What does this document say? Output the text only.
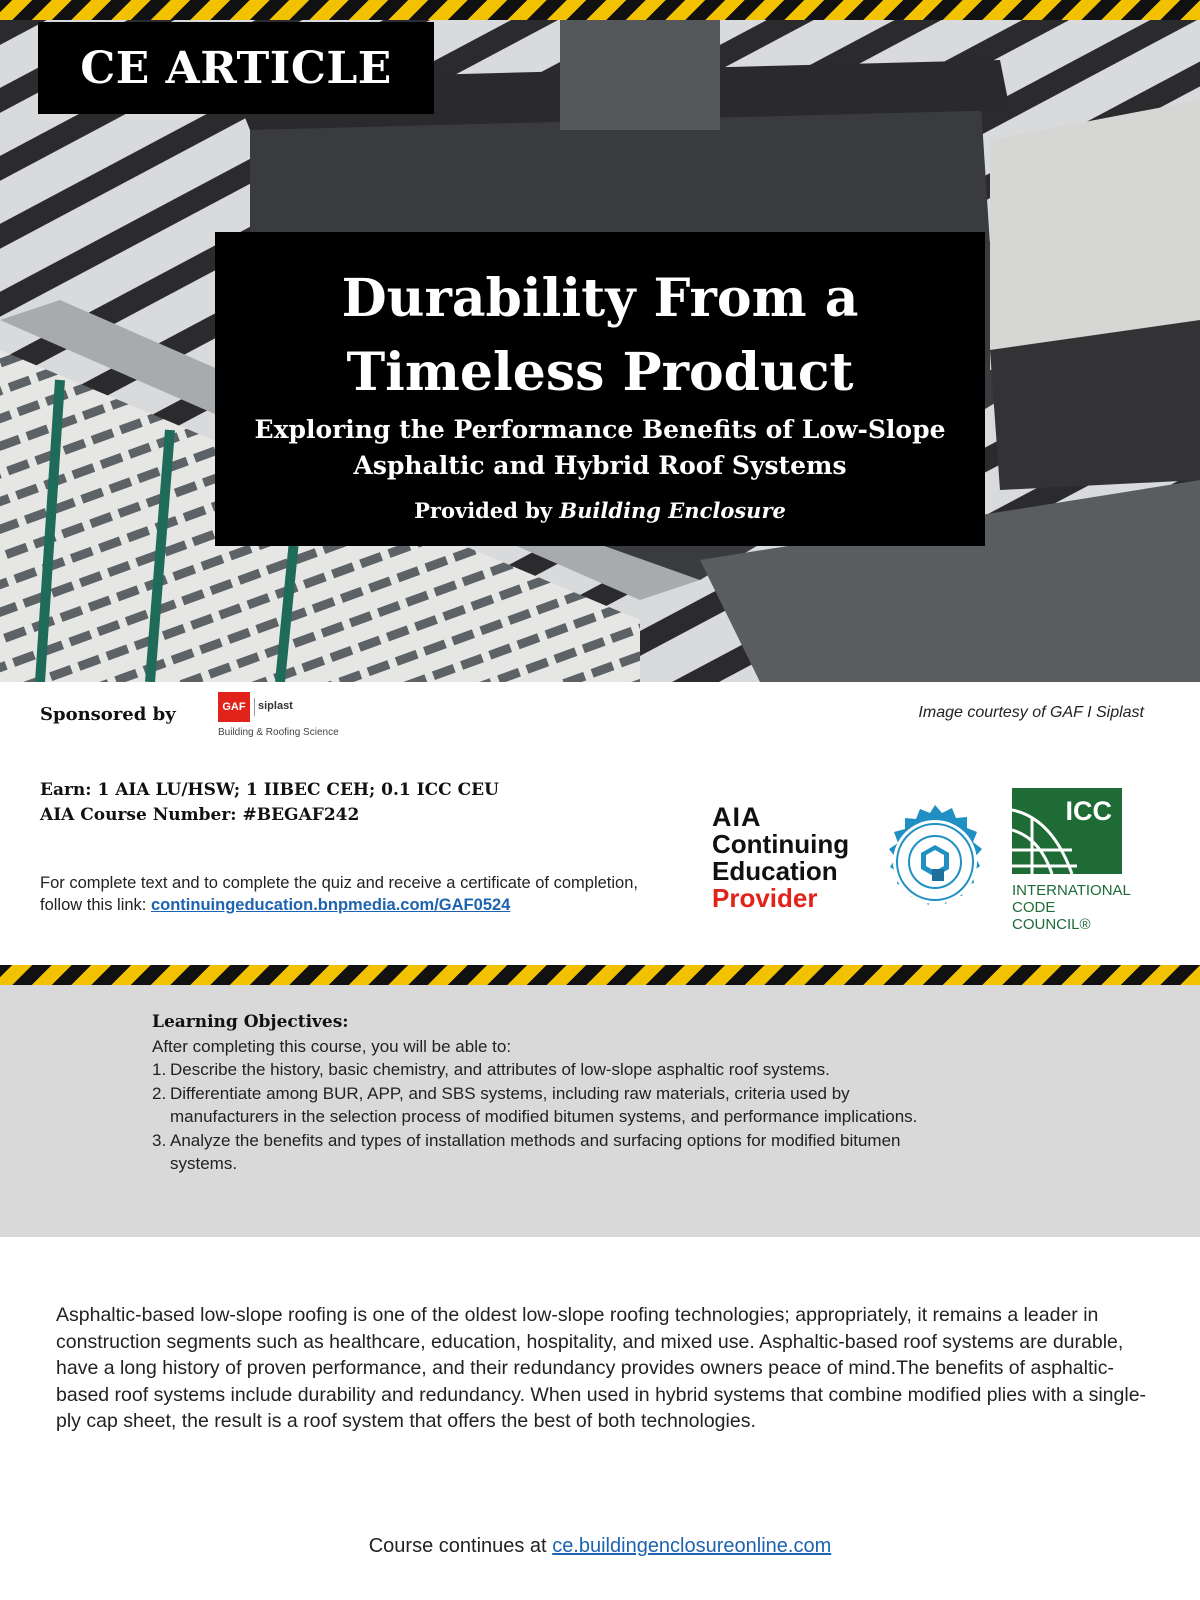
CE ARTICLE
Durability From a Timeless Product
Exploring the Performance Benefits of Low-Slope Asphaltic and Hybrid Roof Systems
Provided by Building Enclosure
Sponsored by	GAF	siplast
Building & Roofing Science
Image courtesy of GAF I Siplast
Earn: 1 AIA LU/HSW; 1 IIBEC CEH; 0.1 ICC CEU
AIA Course Number: #BEGAF242
For complete text and to complete the quiz and receive a certificate of completion, follow this link: continuingeducation.bnpmedia.com/GAF0524
AIA
Continuing
Education
Provider
ICC
INTERNATIONAL
CODE COUNCIL®
Learning Objectives:
After completing this course, you will be able to:
1. Describe the history, basic chemistry, and attributes of low-slope asphaltic roof systems.
2. Differentiate among BUR, APP, and SBS systems, including raw materials, criteria used by manufacturers in the selection process of modified bitumen systems, and performance implications.
3. Analyze the benefits and types of installation methods and surfacing options for modified bitumen systems.
Asphaltic-based low-slope roofing is one of the oldest low-slope roofing technologies; appropriately, it remains a leader in construction segments such as healthcare, education, hospitality, and mixed use. Asphaltic-based roof systems are durable, have a long history of proven performance, and their redundancy provides owners peace of mind.The benefits of asphaltic-based roof systems include durability and redundancy. When used in hybrid systems that combine modified plies with a single-ply cap sheet, the result is a roof system that offers the best of both technologies.
Course continues at ce.buildingenclosureonline.com
